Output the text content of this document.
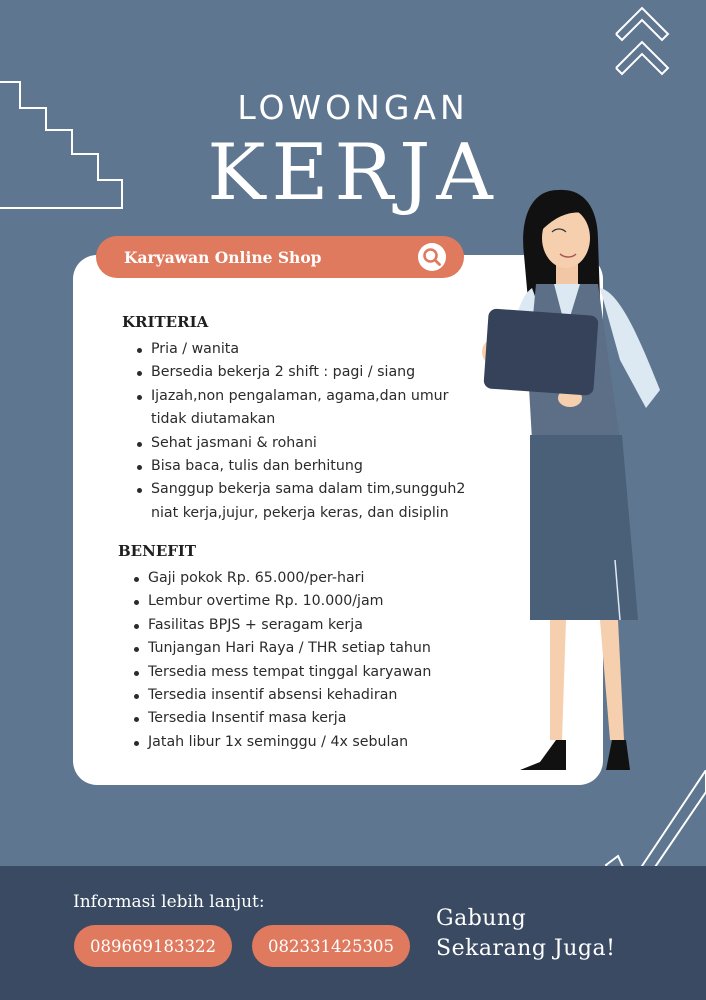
LOWONGAN
KERJA
Karyawan Online Shop
KRITERIA
Pria / wanita
Bersedia bekerja 2 shift : pagi / siang
Ijazah,non pengalaman, agama,dan umur tidak diutamakan
Sehat jasmani & rohani
Bisa baca, tulis dan berhitung
Sanggup bekerja sama dalam tim,sungguh2 niat kerja,jujur, pekerja keras, dan disiplin
BENEFIT
Gaji pokok Rp. 65.000/per-hari
Lembur overtime Rp. 10.000/jam
Fasilitas BPJS + seragam kerja
Tunjangan Hari Raya / THR setiap tahun
Tersedia mess tempat tinggal karyawan
Tersedia insentif absensi kehadiran
Tersedia Insentif masa kerja
Jatah libur 1x seminggu / 4x sebulan
Informasi lebih lanjut:
089669183322	082331425305
Gabung
Sekarang Juga!
